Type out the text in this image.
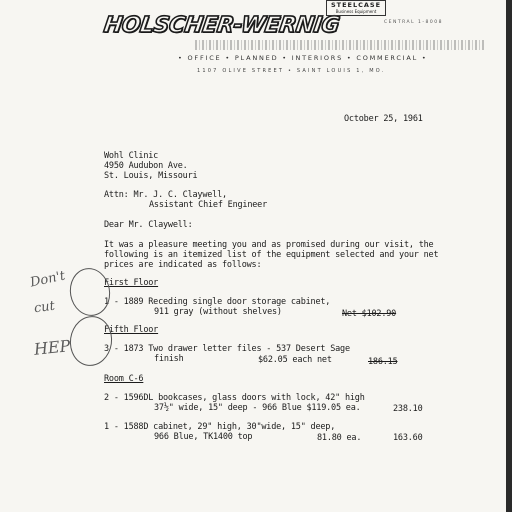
HOLSCHER-WERNIG
STEELCASE
Business Equipment
CENTRAL 1-8008
• OFFICE • PLANNED • INTERIORS • COMMERCIAL •
1107 OLIVE STREET • SAINT LOUIS 1, MO.
October 25, 1961
Wohl Clinic
4950 Audubon Ave.
St. Louis, Missouri
Attn: Mr. J. C. Claywell,
Assistant Chief Engineer
Dear Mr. Claywell:
It was a pleasure meeting you and as promised during our visit, the
following is an itemized list of the equipment selected and your net
prices are indicated as follows:
First Floor
1 - 1889 Receding single door storage cabinet,
911 gray (without shelves)	Net $102.90
Fifth Floor
3 - 1873 Two drawer letter files - 537 Desert Sage
finish	$62.05 each net	186.15
Room C-6
2 - 1596DL bookcases, glass doors with lock, 42" high
37½" wide, 15" deep - 966 Blue $119.05 ea.	238.10
1 - 1588D cabinet, 29" high, 30"wide, 15" deep,
966 Blue, TK1400 top	81.80 ea.	163.60
Don't
cut
HEP
